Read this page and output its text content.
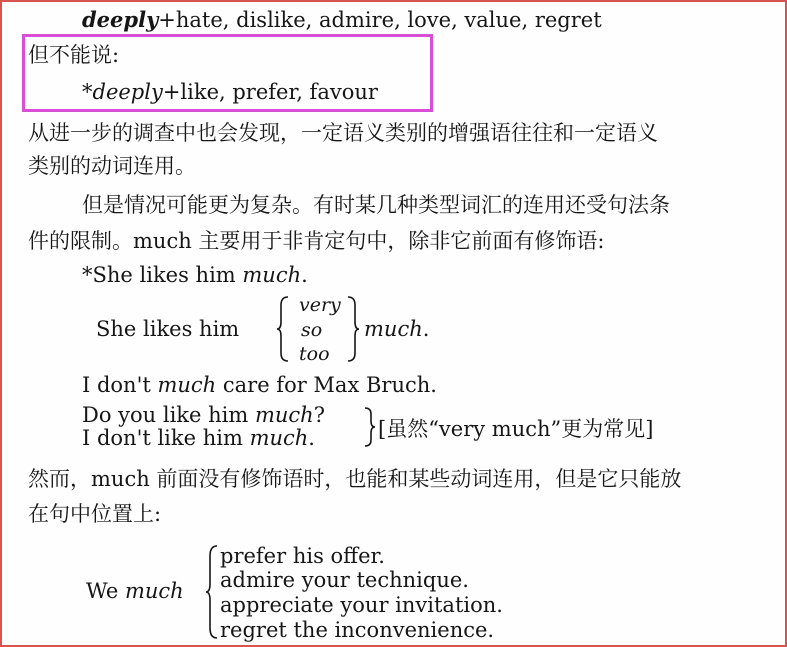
deeply+hate, dislike, admire, love, value, regret
但不能说:
*deeply+like, prefer, favour
从进一步的调查中也会发现，一定语义类别的增强语往往和一定语义
类别的动词连用。
但是情况可能更为复杂。有时某几种类型词汇的连用还受句法条
件的限制。much 主要用于非肯定句中，除非它前面有修饰语:
*She likes him much.
She likes him
very
so
too
much.
I don't much care for Max Bruch.
Do you like him much?
I don't like him much.	[虽然“very much”更为常见]
然而，much 前面没有修饰语时，也能和某些动词连用，但是它只能放
在句中位置上:
We much
prefer his offer.
admire your technique.
appreciate your invitation.
regret the inconvenience.
